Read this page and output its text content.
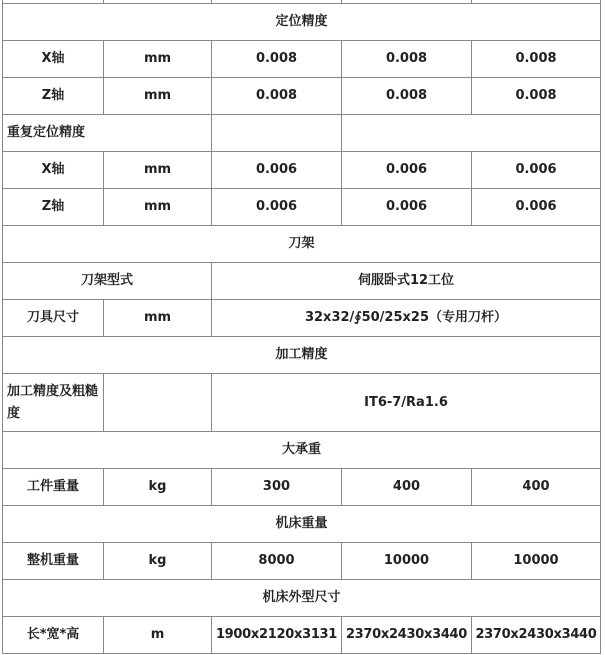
定位精度				
X轴	mm	0.008	0.008	0.008
Z轴	mm	0.008	0.008	0.008
重复定位精度				
X轴	mm	0.006	0.006	0.006
Z轴	mm	0.006	0.006	0.006
刀架				
刀架型式		伺服卧式12工位		
刀具尺寸	mm	32x32/∮50/25x25（专用刀杆）		
加工精度				
加工精度及粗糙度		IT6-7/Ra1.6		
大承重				
工件重量	kg	300	400	400
机床重量				
整机重量	kg	8000	10000	10000
机床外型尺寸				
长*宽*高	m	1900x2120x3131	2370x2430x3440	2370x2430x3440
